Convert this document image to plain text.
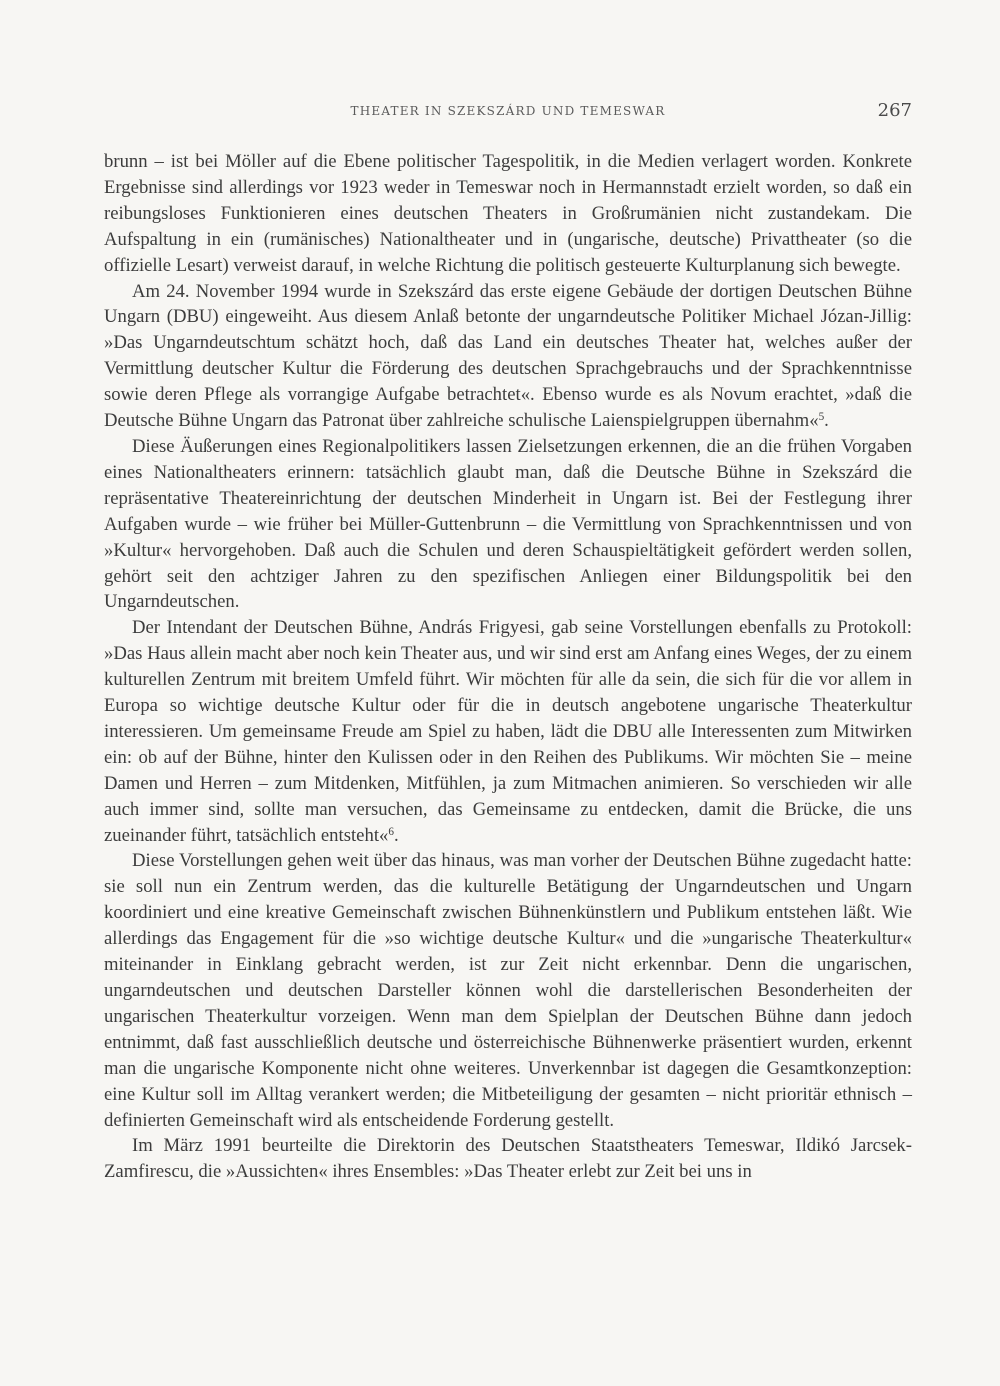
THEATER IN SZEKSZÁRD UND TEMESWAR	267

brunn – ist bei Möller auf die Ebene politischer Tagespolitik, in die Medien verlagert worden. Konkrete Ergebnisse sind allerdings vor 1923 weder in Temeswar noch in Hermannstadt erzielt worden, so daß ein reibungsloses Funktionieren eines deutschen Theaters in Großrumänien nicht zustandekam. Die Aufspaltung in ein (rumänisches) Nationaltheater und in (ungarische, deutsche) Privattheater (so die offizielle Lesart) verweist darauf, in welche Richtung die politisch gesteuerte Kulturplanung sich bewegte.

Am 24. November 1994 wurde in Szekszárd das erste eigene Gebäude der dortigen Deutschen Bühne Ungarn (DBU) eingeweiht. Aus diesem Anlaß betonte der ungarndeutsche Politiker Michael Józan-Jillig: »Das Ungarndeutschtum schätzt hoch, daß das Land ein deutsches Theater hat, welches außer der Vermittlung deutscher Kultur die Förderung des deutschen Sprachgebrauchs und der Sprachkenntnisse sowie deren Pflege als vorrangige Aufgabe betrachtet«. Ebenso wurde es als Novum erachtet, »daß die Deutsche Bühne Ungarn das Patronat über zahlreiche schulische Laienspielgruppen übernahm«$^5$.

Diese Äußerungen eines Regionalpolitikers lassen Zielsetzungen erkennen, die an die frühen Vorgaben eines Nationaltheaters erinnern: tatsächlich glaubt man, daß die Deutsche Bühne in Szekszárd die repräsentative Theatereinrichtung der deutschen Minderheit in Ungarn ist. Bei der Festlegung ihrer Aufgaben wurde – wie früher bei Müller-Guttenbrunn – die Vermittlung von Sprachkenntnissen und von »Kultur« hervorgehoben. Daß auch die Schulen und deren Schauspieltätigkeit gefördert werden sollen, gehört seit den achtziger Jahren zu den spezifischen Anliegen einer Bildungspolitik bei den Ungarndeutschen.

Der Intendant der Deutschen Bühne, András Frigyesi, gab seine Vorstellungen ebenfalls zu Protokoll: »Das Haus allein macht aber noch kein Theater aus, und wir sind erst am Anfang eines Weges, der zu einem kulturellen Zentrum mit breitem Umfeld führt. Wir möchten für alle da sein, die sich für die vor allem in Europa so wichtige deutsche Kultur oder für die in deutsch angebotene ungarische Theaterkultur interessieren. Um gemeinsame Freude am Spiel zu haben, lädt die DBU alle Interessenten zum Mitwirken ein: ob auf der Bühne, hinter den Kulissen oder in den Reihen des Publikums. Wir möchten Sie – meine Damen und Herren – zum Mitdenken, Mitfühlen, ja zum Mitmachen animieren. So verschieden wir alle auch immer sind, sollte man versuchen, das Gemeinsame zu entdecken, damit die Brücke, die uns zueinander führt, tatsächlich entsteht«$^6$.

Diese Vorstellungen gehen weit über das hinaus, was man vorher der Deutschen Bühne zugedacht hatte: sie soll nun ein Zentrum werden, das die kulturelle Betätigung der Ungarndeutschen und Ungarn koordiniert und eine kreative Gemeinschaft zwischen Bühnenkünstlern und Publikum entstehen läßt. Wie allerdings das Engagement für die »so wichtige deutsche Kultur« und die »ungarische Theaterkultur« miteinander in Einklang gebracht werden, ist zur Zeit nicht erkennbar. Denn die ungarischen, ungarndeutschen und deutschen Darsteller können wohl die darstellerischen Besonderheiten der ungarischen Theaterkultur vorzeigen. Wenn man dem Spielplan der Deutschen Bühne dann jedoch entnimmt, daß fast ausschließlich deutsche und österreichische Bühnenwerke präsentiert wurden, erkennt man die ungarische Komponente nicht ohne weiteres. Unverkennbar ist dagegen die Gesamtkonzeption: eine Kultur soll im Alltag verankert werden; die Mitbeteiligung der gesamten – nicht prioritär ethnisch – definierten Gemeinschaft wird als entscheidende Forderung gestellt.

Im März 1991 beurteilte die Direktorin des Deutschen Staatstheaters Temeswar, Ildikó Jarcsek-Zamfirescu, die »Aussichten« ihres Ensembles: »Das Theater erlebt zur Zeit bei uns in
